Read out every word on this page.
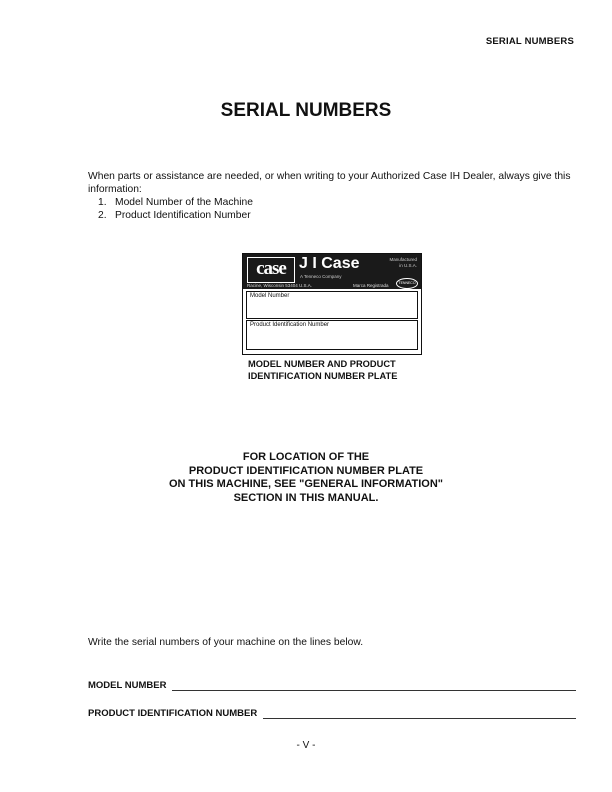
SERIAL NUMBERS
SERIAL NUMBERS
When parts or assistance are needed, or when writing to your Authorized Case IH Dealer, always give this information:
1. Model Number of the Machine
2. Product Identification Number
case J I Case
A Tenneco Company
Manufactured
in U.S.A.
Racine, Wisconsin 53404 U.S.A.	Marca Registrada	TENNECO
Model Number
Product Identification Number
MODEL NUMBER AND PRODUCT
IDENTIFICATION NUMBER PLATE
FOR LOCATION OF THE
PRODUCT IDENTIFICATION NUMBER PLATE
ON THIS MACHINE, SEE "GENERAL INFORMATION"
SECTION IN THIS MANUAL.
Write the serial numbers of your machine on the lines below.
MODEL NUMBER
PRODUCT IDENTIFICATION NUMBER
- V -
